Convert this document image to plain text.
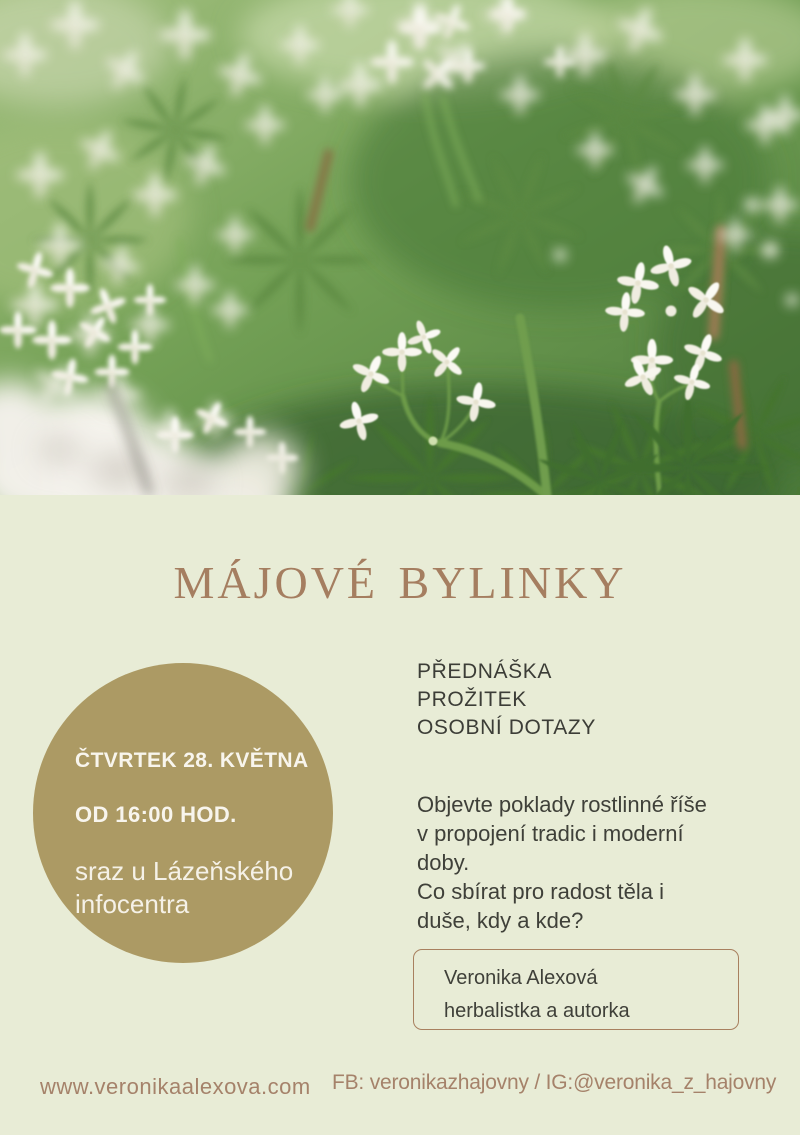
MÁJOVÉ BYLINKY
ČTVRTEK 28. KVĚTNA
OD 16:00 HOD.
sraz u Lázeňského
infocentra
PŘEDNÁŠKA
PROŽITEK
OSOBNÍ DOTAZY
Objevte poklady rostlinné říše
v propojení tradic i moderní
doby.
Co sbírat pro radost těla i
duše, kdy a kde?
Veronika Alexová
herbalistka a autorka
www.veronikaalexova.com FB: veronikazhajovny / IG:@veronika_z_hajovny
